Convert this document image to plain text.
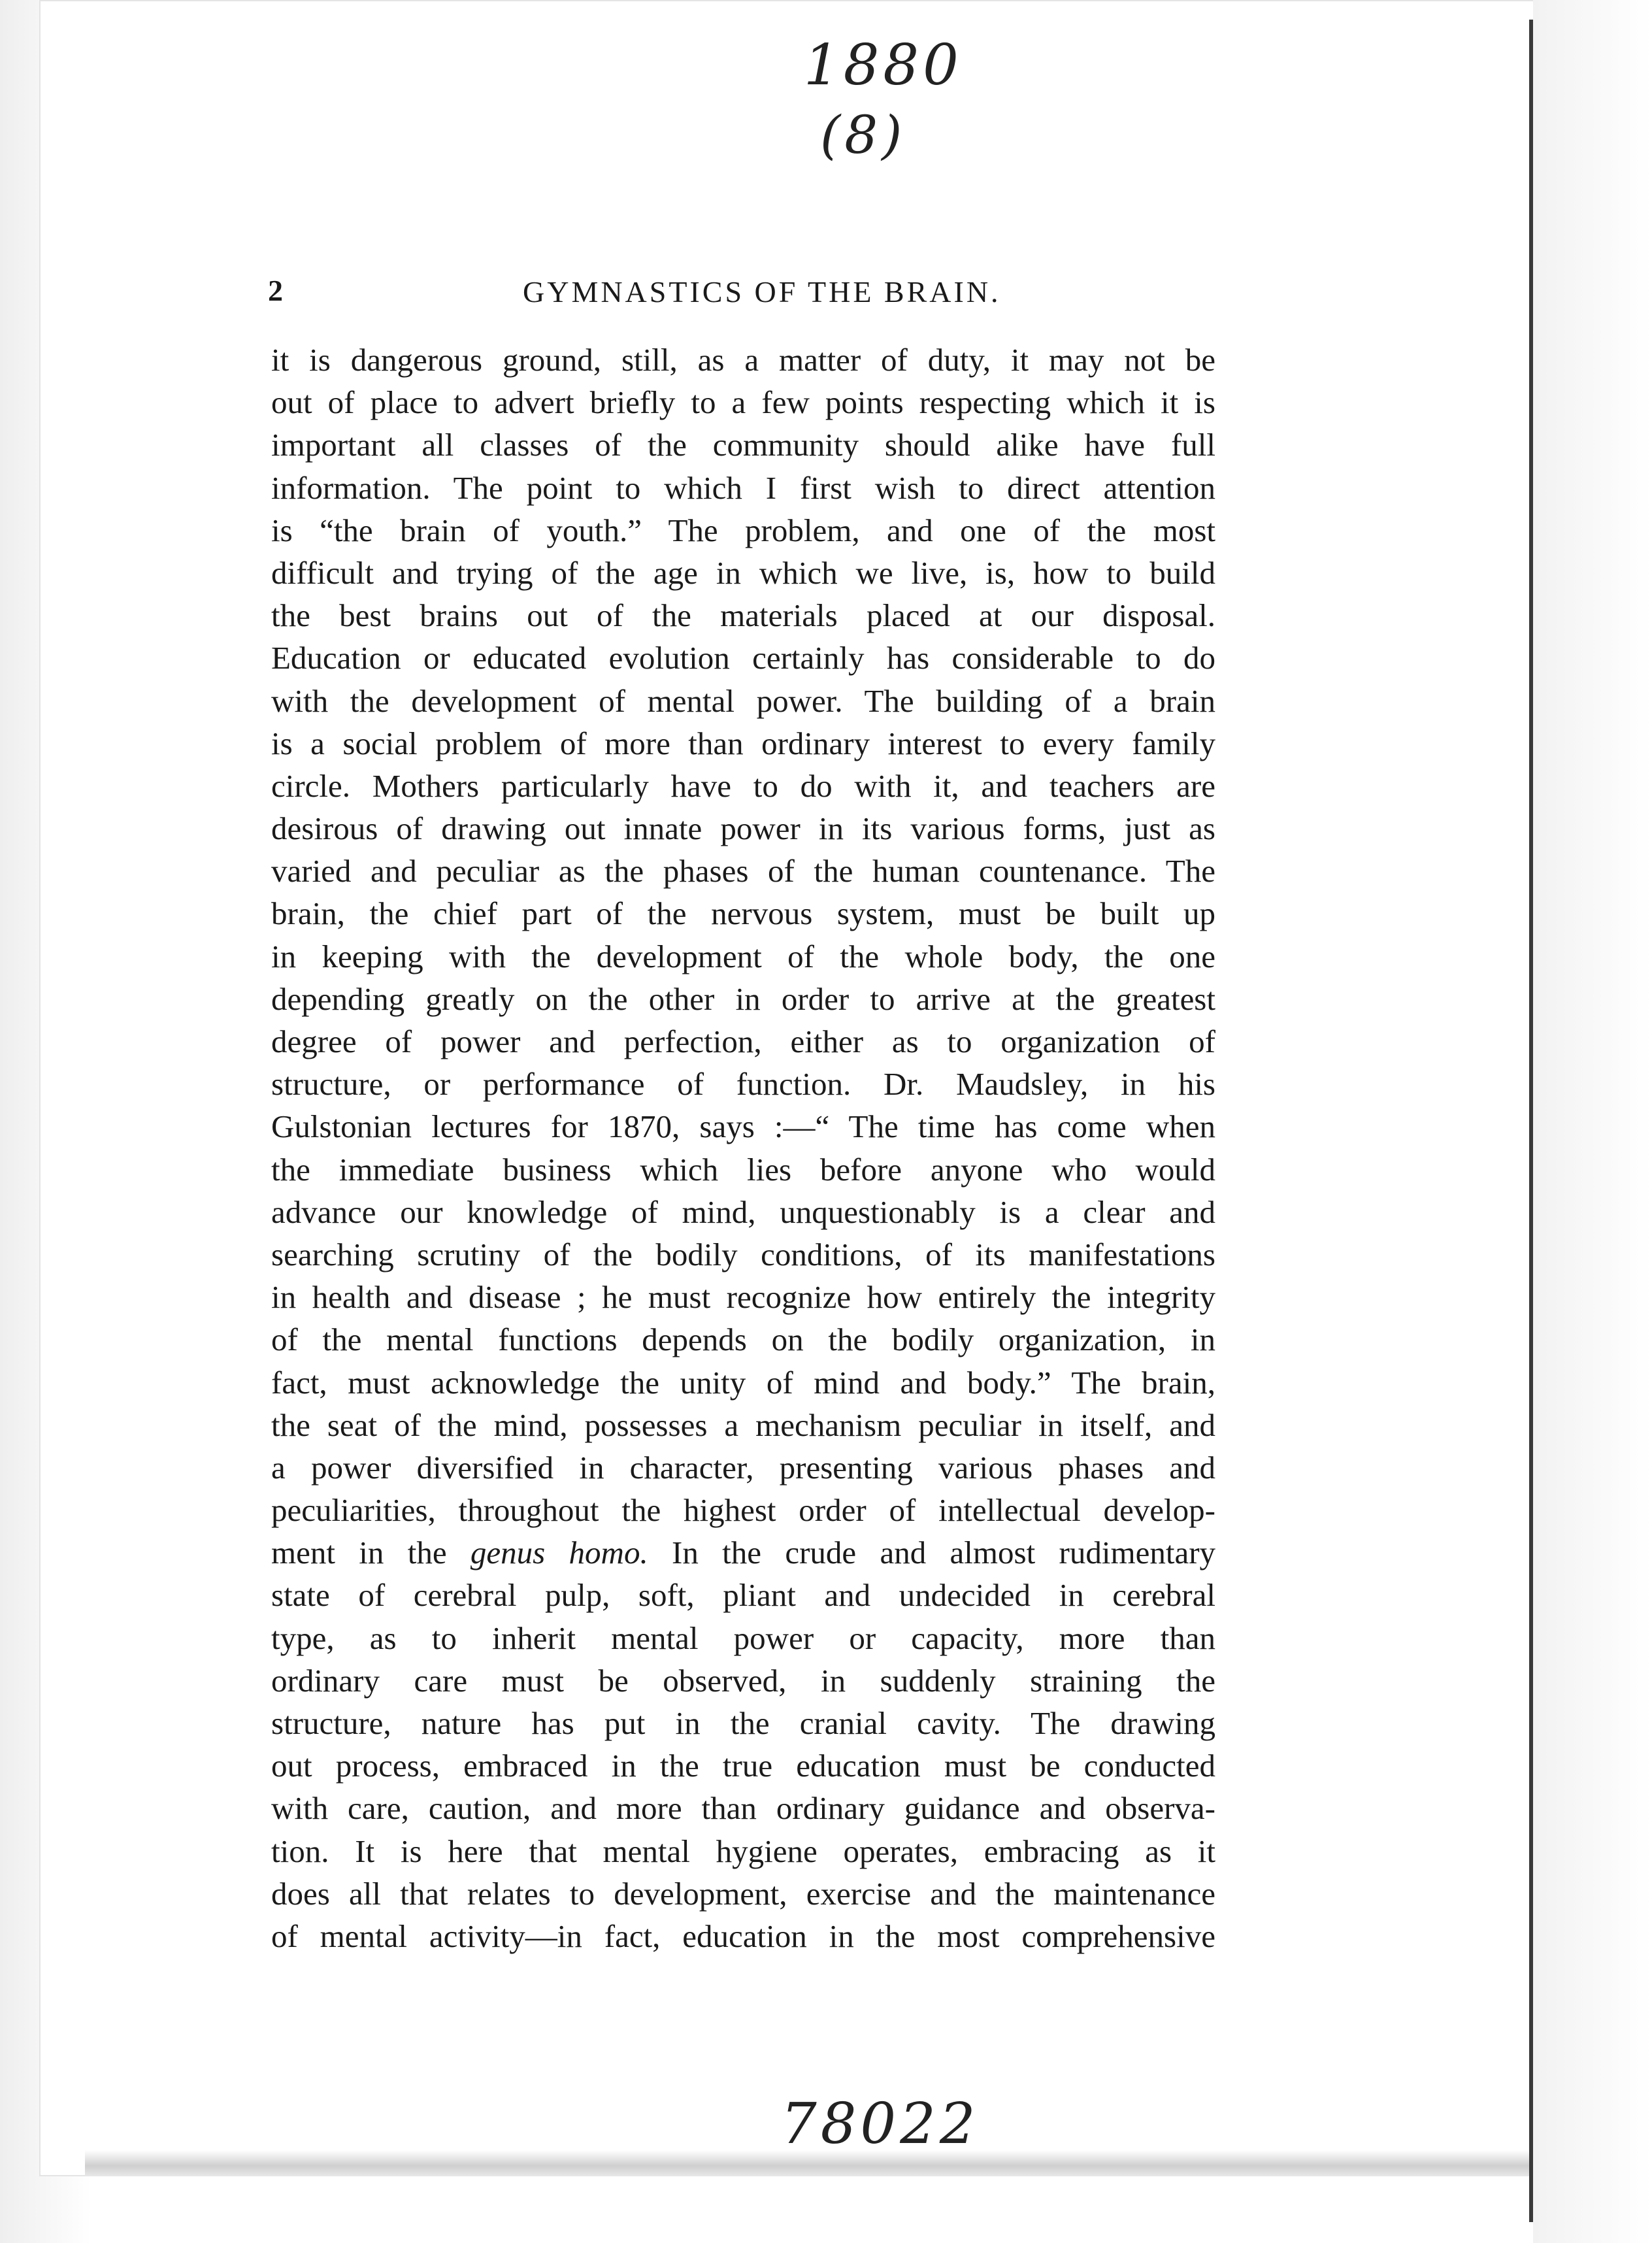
1880
(8)
78022
2	GYMNASTICS OF THE BRAIN.
it is dangerous ground, still, as a matter of duty, it may not be
out of place to advert briefly to a few points respecting which it is
important all classes of the community should alike have full
information. The point to which I first wish to direct attention
is “the brain of youth.” The problem, and one of the most
difficult and trying of the age in which we live, is, how to build
the best brains out of the materials placed at our disposal.
Education or educated evolution certainly has considerable to do
with the development of mental power. The building of a brain
is a social problem of more than ordinary interest to every family
circle. Mothers particularly have to do with it, and teachers are
desirous of drawing out innate power in its various forms, just as
varied and peculiar as the phases of the human countenance. The
brain, the chief part of the nervous system, must be built up
in keeping with the development of the whole body, the one
depending greatly on the other in order to arrive at the greatest
degree of power and perfection, either as to organization of
structure, or performance of function. Dr. Maudsley, in his
Gulstonian lectures for 1870, says :—“ The time has come when
the immediate business which lies before anyone who would
advance our knowledge of mind, unquestionably is a clear and
searching scrutiny of the bodily conditions, of its manifestations
in health and disease ; he must recognize how entirely the integrity
of the mental functions depends on the bodily organization, in
fact, must acknowledge the unity of mind and body.” The brain,
the seat of the mind, possesses a mechanism peculiar in itself, and
a power diversified in character, presenting various phases and
peculiarities, throughout the highest order of intellectual develop-
ment in the genus homo. In the crude and almost rudimentary
state of cerebral pulp, soft, pliant and undecided in cerebral
type, as to inherit mental power or capacity, more than
ordinary care must be observed, in suddenly straining the
structure, nature has put in the cranial cavity. The drawing
out process, embraced in the true education must be conducted
with care, caution, and more than ordinary guidance and observa-
tion. It is here that mental hygiene operates, embracing as it
does all that relates to development, exercise and the maintenance
of mental activity—in fact, education in the most comprehensive
